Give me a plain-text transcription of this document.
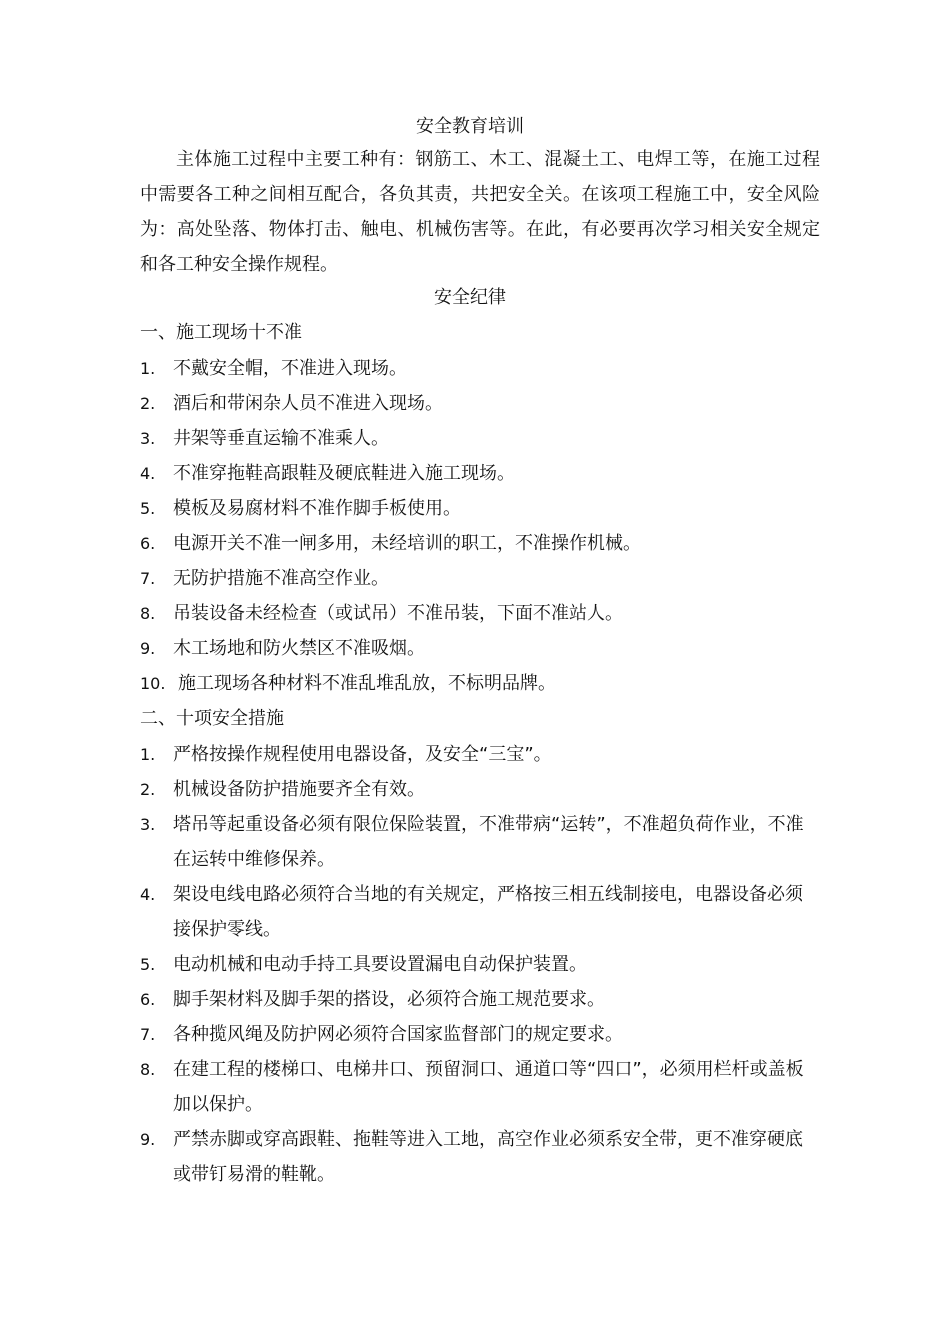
安全教育培训

主体施工过程中主要工种有：钢筋工、木工、混凝土工、电焊工等，在施工过程中需要各工种之间相互配合，各负其责，共把安全关。在该项工程施工中，安全风险为：高处坠落、物体打击、触电、机械伤害等。在此，有必要再次学习相关安全规定和各工种安全操作规程。

安全纪律
一、施工现场十不准
1. 不戴安全帽，不准进入现场。
2. 酒后和带闲杂人员不准进入现场。
3. 井架等垂直运输不准乘人。
4. 不准穿拖鞋高跟鞋及硬底鞋进入施工现场。
5. 模板及易腐材料不准作脚手板使用。
6. 电源开关不准一闸多用，未经培训的职工，不准操作机械。
7. 无防护措施不准高空作业。
8. 吊装设备未经检查（或试吊）不准吊装，下面不准站人。
9. 木工场地和防火禁区不准吸烟。
10. 施工现场各种材料不准乱堆乱放，不标明品牌。
二、十项安全措施
1. 严格按操作规程使用电器设备，及安全“三宝”。
2. 机械设备防护措施要齐全有效。
3. 塔吊等起重设备必须有限位保险装置，不准带病“运转”，不准超负荷作业，不准在运转中维修保养。
4. 架设电线电路必须符合当地的有关规定，严格按三相五线制接电，电器设备必须接保护零线。
5. 电动机械和电动手持工具要设置漏电自动保护装置。
6. 脚手架材料及脚手架的搭设，必须符合施工规范要求。
7. 各种揽风绳及防护网必须符合国家监督部门的规定要求。
8. 在建工程的楼梯口、电梯井口、预留洞口、通道口等“四口”，必须用栏杆或盖板加以保护。
9. 严禁赤脚或穿高跟鞋、拖鞋等进入工地，高空作业必须系安全带，更不准穿硬底或带钉易滑的鞋靴。
